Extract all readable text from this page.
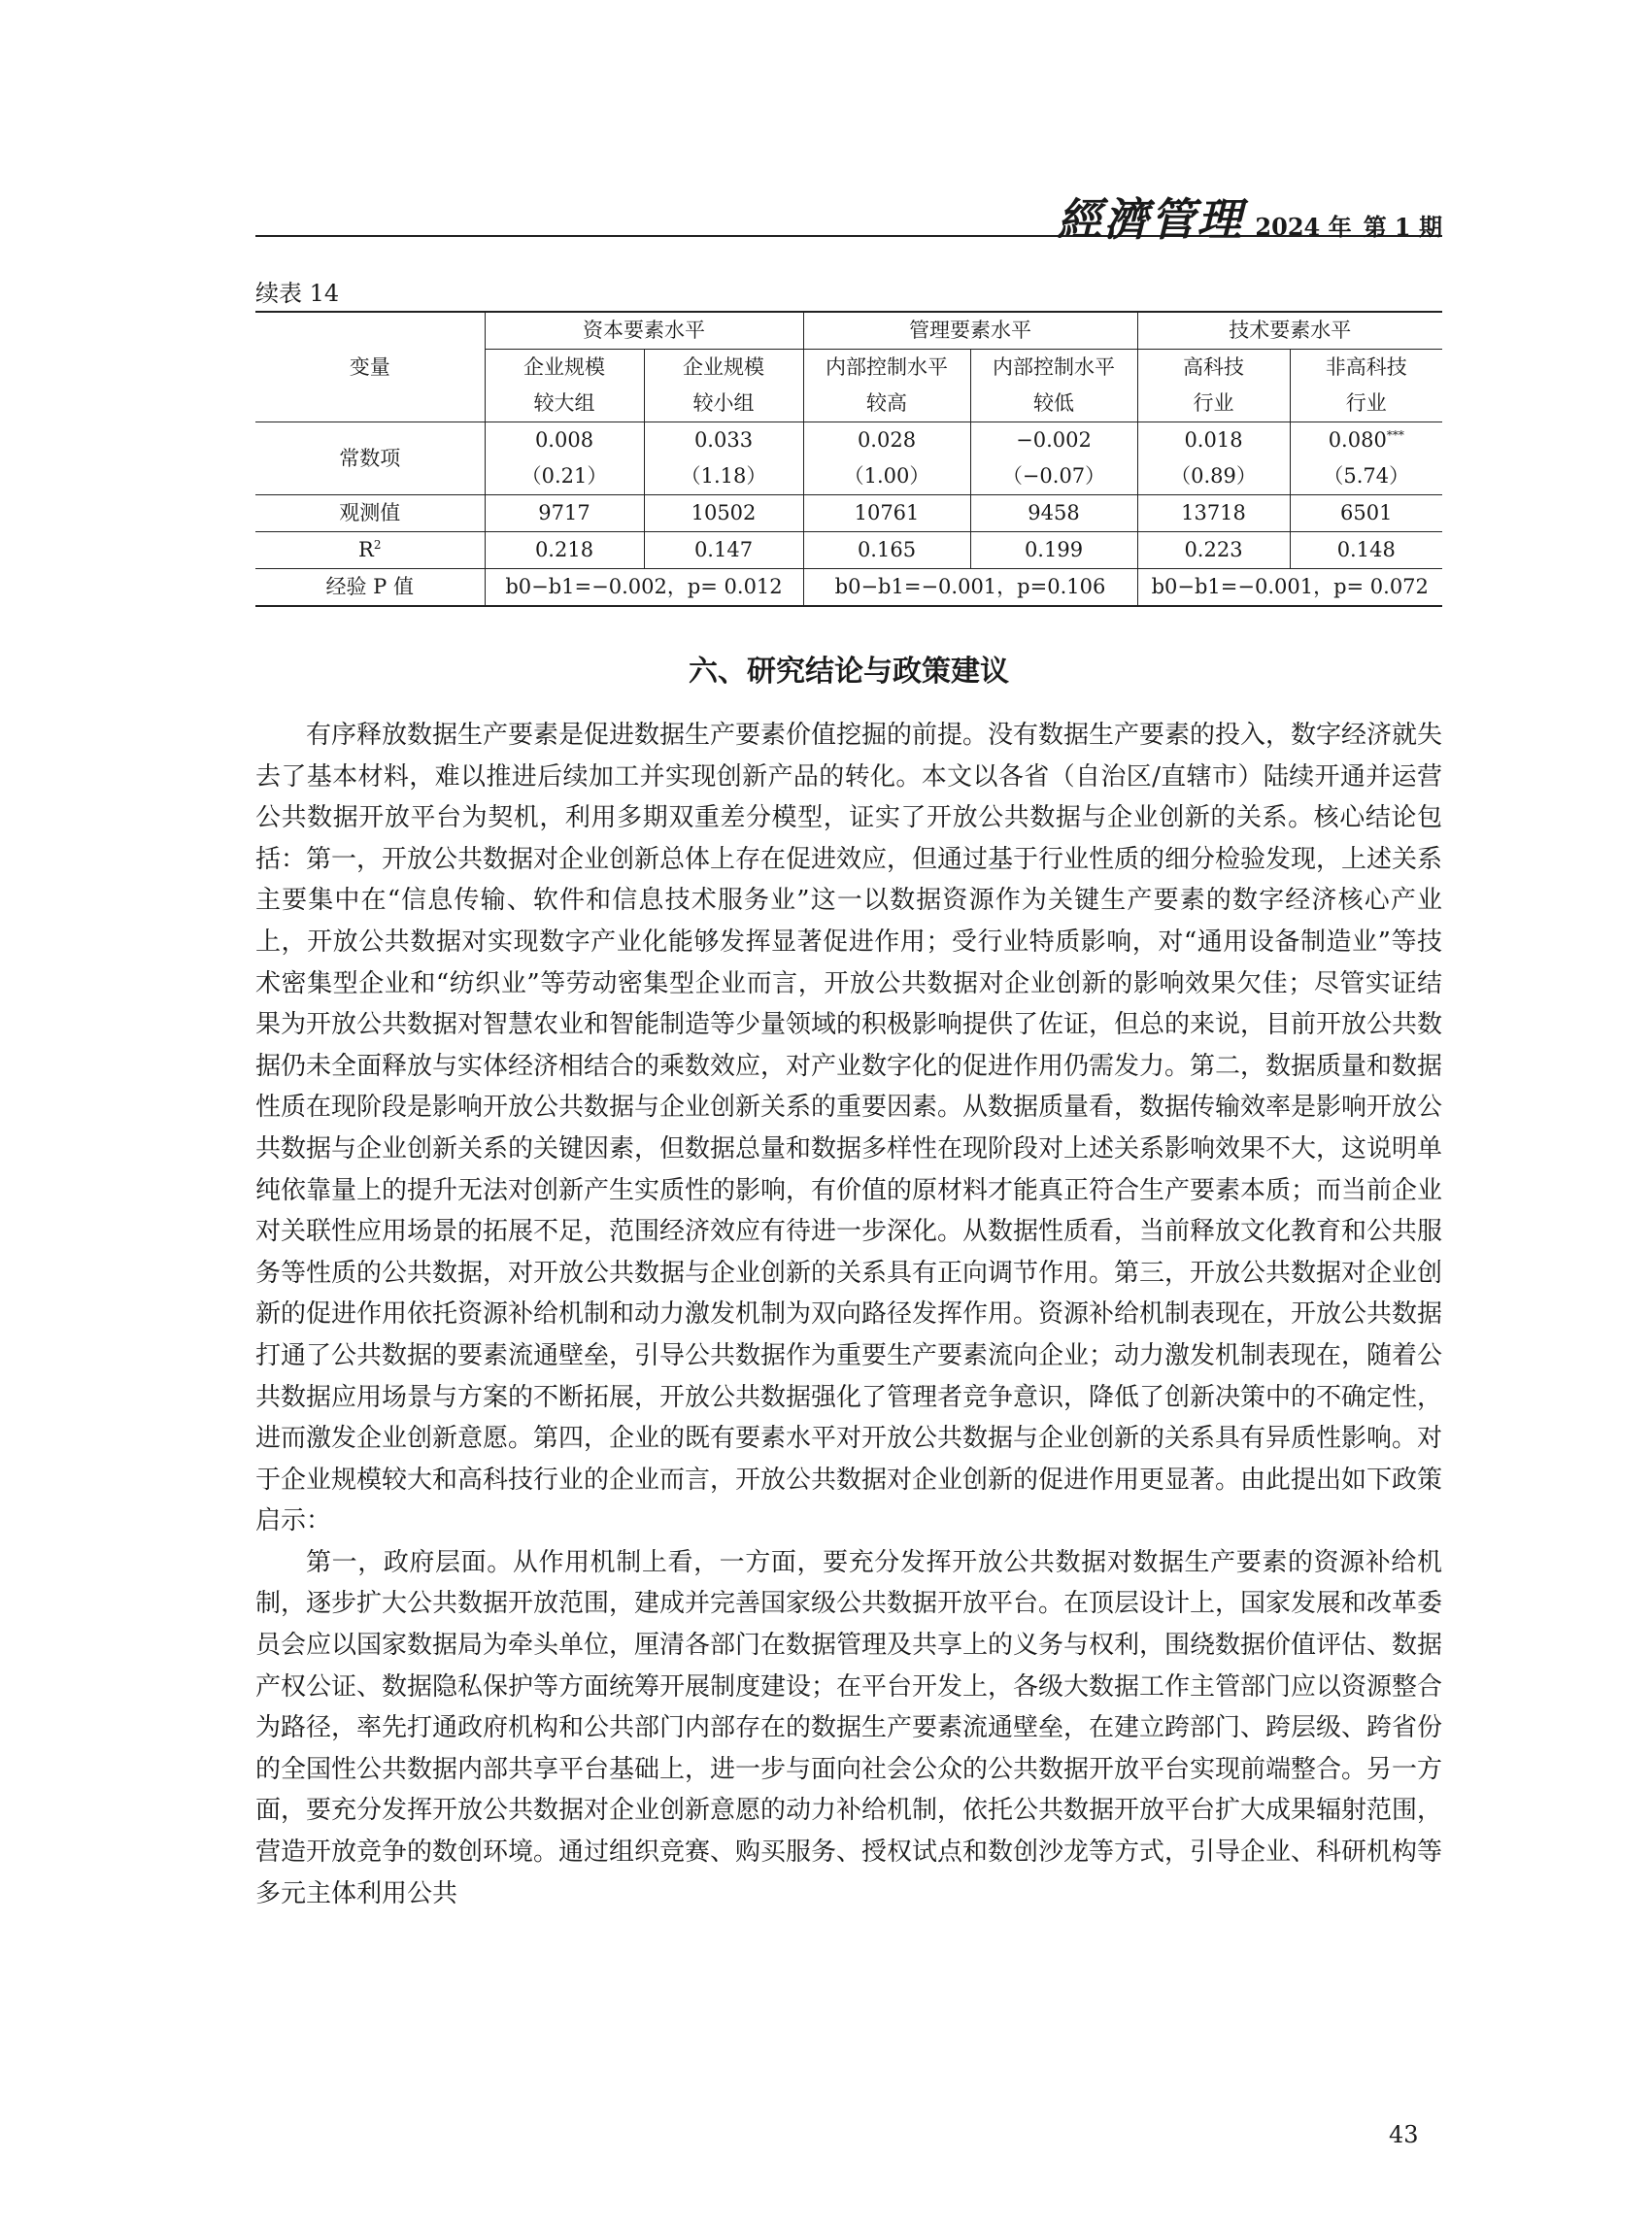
經濟管理 2024 年 第 1 期
续表 14
变量	资本要素水平		管理要素水平		技术要素水平	
	企业规模	企业规模	内部控制水平	内部控制水平	高科技	非高科技
	较大组	较小组	较高	较低	行业	行业
常数项	0.008	0.033	0.028	−0.002	0.018	0.080***
	（0.21）	（1.18）	（1.00）	（−0.07）	（0.89）	（5.74）
观测值	9717	10502	10761	9458	13718	6501
$R^2$	0.218	0.147	0.165	0.199	0.223	0.148
经验 P 值	b0−b1=−0.002，p= 0.012		b0−b1=−0.001，p=0.106		b0−b1=−0.001，p= 0.072	
六、研究结论与政策建议

有序释放数据生产要素是促进数据生产要素价值挖掘的前提。没有数据生产要素的投入，数字经济就失去了基本材料，难以推进后续加工并实现创新产品的转化。本文以各省（自治区/直辖市）陆续开通并运营公共数据开放平台为契机，利用多期双重差分模型，证实了开放公共数据与企业创新的关系。核心结论包括：第一，开放公共数据对企业创新总体上存在促进效应，但通过基于行业性质的细分检验发现，上述关系主要集中在“信息传输、软件和信息技术服务业”这一以数据资源作为关键生产要素的数字经济核心产业上，开放公共数据对实现数字产业化能够发挥显著促进作用；受行业特质影响，对“通用设备制造业”等技术密集型企业和“纺织业”等劳动密集型企业而言，开放公共数据对企业创新的影响效果欠佳；尽管实证结果为开放公共数据对智慧农业和智能制造等少量领域的积极影响提供了佐证，但总的来说，目前开放公共数据仍未全面释放与实体经济相结合的乘数效应，对产业数字化的促进作用仍需发力。第二，数据质量和数据性质在现阶段是影响开放公共数据与企业创新关系的重要因素。从数据质量看，数据传输效率是影响开放公共数据与企业创新关系的关键因素，但数据总量和数据多样性在现阶段对上述关系影响效果不大，这说明单纯依靠量上的提升无法对创新产生实质性的影响，有价值的原材料才能真正符合生产要素本质；而当前企业对关联性应用场景的拓展不足，范围经济效应有待进一步深化。从数据性质看，当前释放文化教育和公共服务等性质的公共数据，对开放公共数据与企业创新的关系具有正向调节作用。第三，开放公共数据对企业创新的促进作用依托资源补给机制和动力激发机制为双向路径发挥作用。资源补给机制表现在，开放公共数据打通了公共数据的要素流通壁垒，引导公共数据作为重要生产要素流向企业；动力激发机制表现在，随着公共数据应用场景与方案的不断拓展，开放公共数据强化了管理者竞争意识，降低了创新决策中的不确定性，进而激发企业创新意愿。第四，企业的既有要素水平对开放公共数据与企业创新的关系具有异质性影响。对于企业规模较大和高科技行业的企业而言，开放公共数据对企业创新的促进作用更显著。由此提出如下政策启示：

第一，政府层面。从作用机制上看，一方面，要充分发挥开放公共数据对数据生产要素的资源补给机制，逐步扩大公共数据开放范围，建成并完善国家级公共数据开放平台。在顶层设计上，国家发展和改革委员会应以国家数据局为牵头单位，厘清各部门在数据管理及共享上的义务与权利，围绕数据价值评估、数据产权公证、数据隐私保护等方面统筹开展制度建设；在平台开发上，各级大数据工作主管部门应以资源整合为路径，率先打通政府机构和公共部门内部存在的数据生产要素流通壁垒，在建立跨部门、跨层级、跨省份的全国性公共数据内部共享平台基础上，进一步与面向社会公众的公共数据开放平台实现前端整合。另一方面，要充分发挥开放公共数据对企业创新意愿的动力补给机制，依托公共数据开放平台扩大成果辐射范围，营造开放竞争的数创环境。通过组织竞赛、购买服务、授权试点和数创沙龙等方式，引导企业、科研机构等多元主体利用公共

43
